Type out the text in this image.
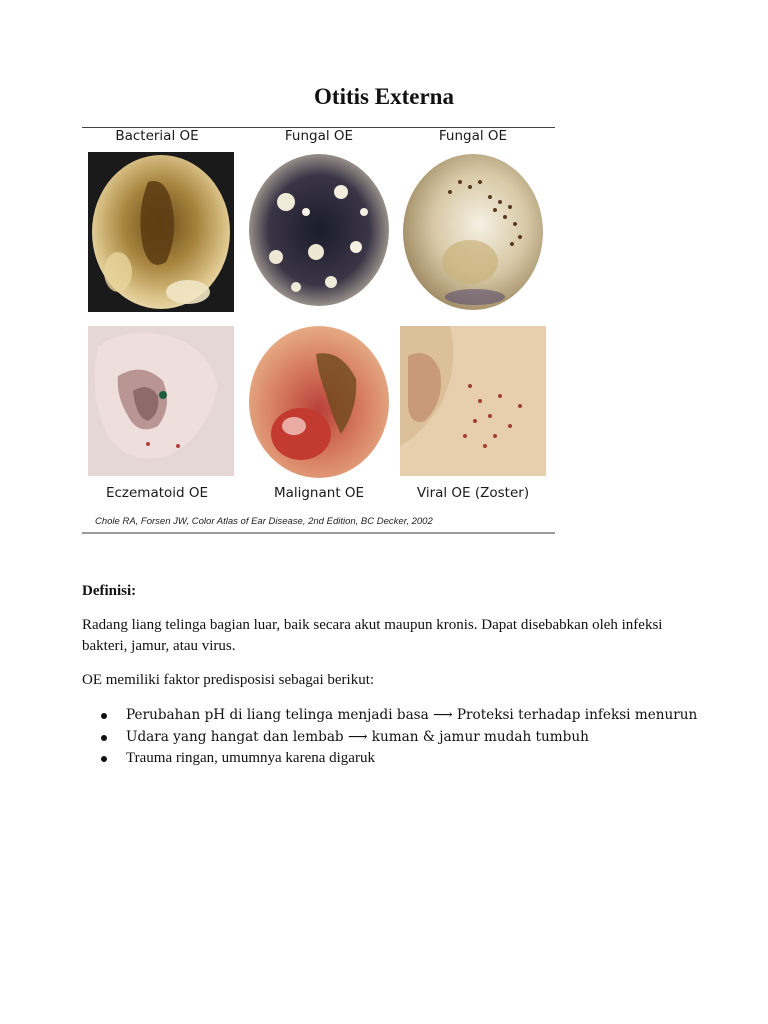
Otitis Externa
Bacterial OE	Fungal OE	Fungal OE
Eczematoid OE	Malignant OE	Viral OE (Zoster)
Chole RA, Forsen JW, Color Atlas of Ear Disease, 2nd Edition, BC Decker, 2002

Definisi:

Radang liang telinga bagian luar, baik secara akut maupun kronis. Dapat disebabkan oleh infeksi bakteri, jamur, atau virus.

OE memiliki faktor predisposisi sebagai berikut:

Perubahan pH di liang telinga menjadi basa ⟶ Proteksi terhadap infeksi menurun
Udara yang hangat dan lembab ⟶ kuman & jamur mudah tumbuh
Trauma ringan, umumnya karena digaruk
